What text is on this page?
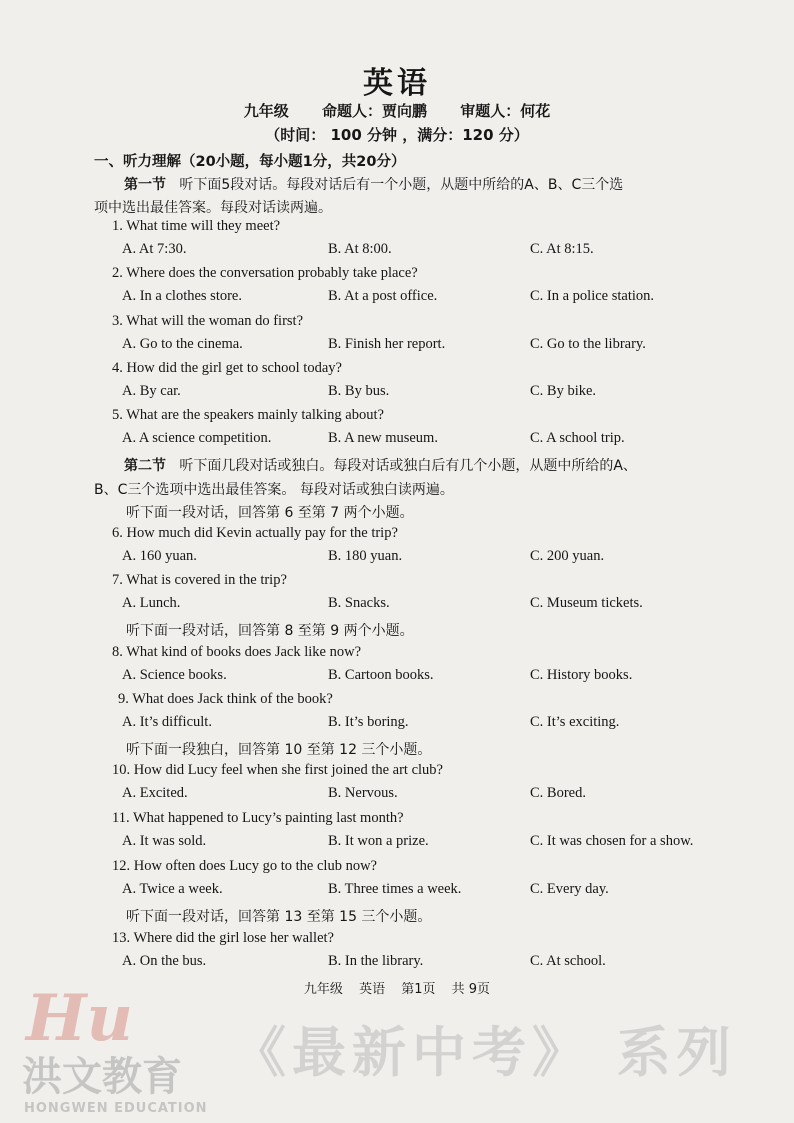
英语
九年级 命题人：贾向鹏 审题人：何花
（时间： 100 分钟 ，满分：120 分）
一、听力理解（20小题，每小题1分，共20分）
第一节 听下面5段对话。每段对话后有一个小题，从题中所给的A、B、C三个选
项中选出最佳答案。每段对话读两遍。
1. What time will they meet?
A. At 7:30.	B. At 8:00.	C. At 8:15.
2. Where does the conversation probably take place?
A. In a clothes store.	B. At a post office.	C. In a police station.
3. What will the woman do first?
A. Go to the cinema.	B. Finish her report.	C. Go to the library.
4. How did the girl get to school today?
A. By car.	B. By bus.	C. By bike.
5. What are the speakers mainly talking about?
A. A science competition.	B. A new museum.	C. A school trip.
6. How much did Kevin actually pay for the trip?
A. 160 yuan.	B. 180 yuan.	C. 200 yuan.
7. What is covered in the trip?
A. Lunch.	B. Snacks.	C. Museum tickets.
8. What kind of books does Jack like now?
A. Science books.	B. Cartoon books.	C. History books.
9. What does Jack think of the book?
A. It’s difficult.	B. It’s boring.	C. It’s exciting.
10. How did Lucy feel when she first joined the art club?
A. Excited.	B. Nervous.	C. Bored.
11. What happened to Lucy’s painting last month?
A. It was sold.	B. It won a prize.	C. It was chosen for a show.
12. How often does Lucy go to the club now?
A. Twice a week.	B. Three times a week.	C. Every day.
13. Where did the girl lose her wallet?
A. On the bus.	B. In the library.	C. At school.
第二节 听下面几段对话或独白。每段对话或独白后有几个小题，从题中所给的A、
B、C三个选项中选出最佳答案。 每段对话或独白读两遍。
听下面一段对话，回答第 6 至第 7 两个小题。
听下面一段对话，回答第 8 至第 9 两个小题。
听下面一段独白，回答第 10 至第 12 三个小题。
听下面一段对话，回答第 13 至第 15 三个小题。
九年级 英语 第1页 共 9页
Hu
洪文教育
HONGWEN EDUCATION
《最新中考》 系列
